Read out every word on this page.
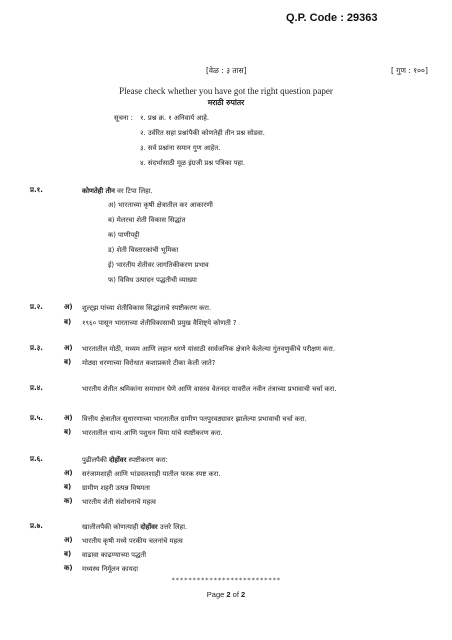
Q.P. Code : 29363
[वेळ : ३ तास]	[ गुण : १००]
Please check whether you have got the right question paper
मराठी रुपांतर
सूचना : १. प्रश्न क्र. १ अनिवार्य आहे.
२. उर्वरित सहा प्रश्नांपैकी कोणतेही तीन प्रश्न सोडवा.
३. सर्व प्रश्नांना समान गुण आहेत.
४. संदर्भासाठी मूळ इंग्रजी प्रश्न पत्रिका पहा.
प्र.१.	कोणतेही तीन वर टिपा लिहा.
अ) भारताच्या कृषी क्षेत्रातील कर आकारणी
ब) मेलरचा शेती विकास सिद्धांत
क) पाणीपट्टी
ड) शेती विस्तारकांची भूमिका
ई) भारतीय शेतीवर जागतिकीकरण प्रभाव
फ) विविध उत्पादन पद्धतीची व्याख्या
प्र.२.	अ) शुल्ट्झ यांच्या शेतीविकास सिद्धांताचे स्पष्टीकरण करा.
ब) १९६० पासून भारताच्या शेतीविकासाची प्रमुख वैशिष्ट्ये कोणती ?
प्र.३.	अ) भारतातील मोठी, मध्यम आणि लहान धरणे यांसाठी सार्वजनिक क्षेत्राने केलेल्या गुंतवणुकीचे परीक्षण करा.
ब) मोठ्या धरणाच्या विरोधात कशाप्रकारे टीका केली जाते?
प्र.४.	भारतीय शेतीत श्रमिकांना समाधान घेणे आणि वास्तव वेतनदर यावरील नवीन तंत्राच्या प्रभावाची चर्चा करा.
प्र.५.	अ) वित्तीय क्षेत्रातील सुधारणाच्या भारतातील ग्रामीण पतपुरवठ्यावर झालेल्या प्रभावाची चर्चा करा.
ब) भारतातील धान्य आणि पशुधन विमा यांचे स्पष्टीकरण करा.
प्र.६.	पुढीलपैकी दोहोंवर स्पष्टीकरण करा:
अ) सरंजामशाही आणि भांडवलशाही यातील फरक स्पष्ट करा.
ब) ग्रामीण शहरी उत्पन्न विषमता
क) भारतीय शेती संशोधनाचे महत्व
प्र.७.	खालीलपैकी कोणत्याही दोहोंवर उत्तरे लिहा.
अ) भारतीय कृषी मध्ये परकीय चलनांचे महत्व
ब) वाढावा काढण्याच्या पद्धती
क) मध्यस्थ निर्मूलन कायदा
**************************
Page 2 of 2
